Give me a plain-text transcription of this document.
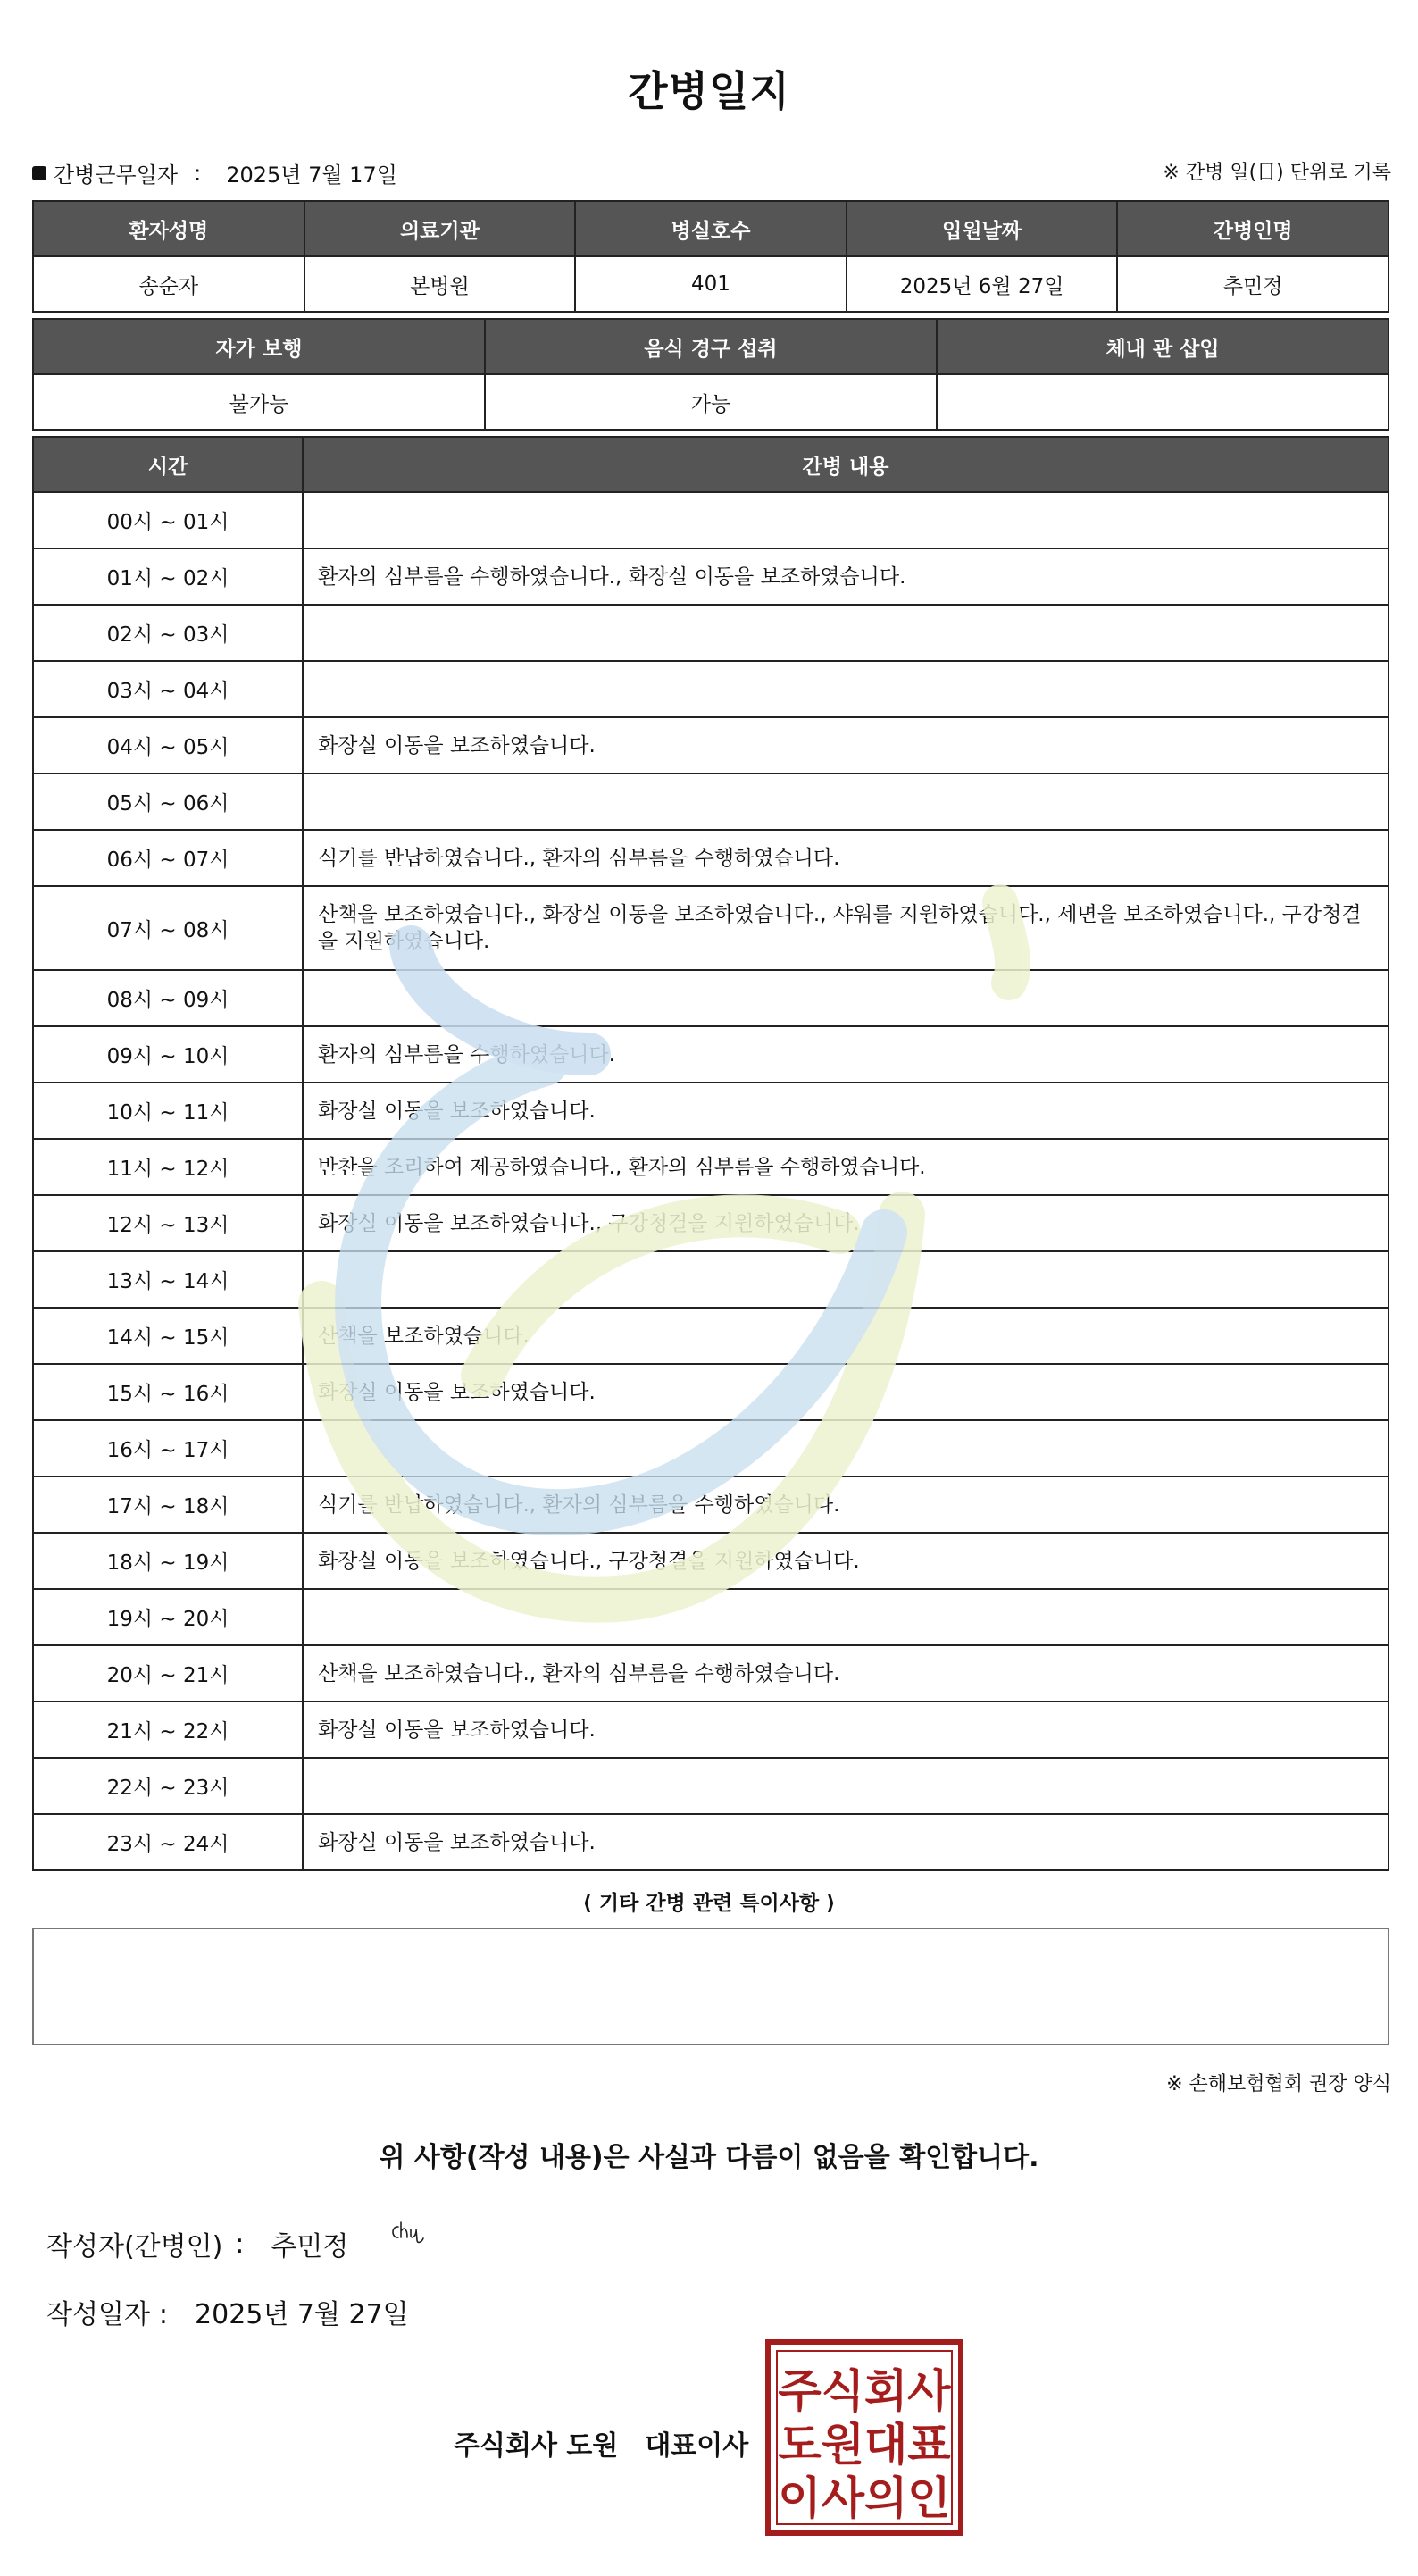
간병일지
간병근무일자 : 2025년 7월 17일	※ 간병 일(日) 단위로 기록
환자성명	의료기관	병실호수	입원날짜	간병인명
송순자	본병원	401	2025년 6월 27일	추민정
자가 보행	음식 경구 섭취	체내 관 삽입
불가능	가능	
시간	간병 내용
00시 ~ 01시	
01시 ~ 02시	환자의 심부름을 수행하였습니다., 화장실 이동을 보조하였습니다.
02시 ~ 03시	
03시 ~ 04시	
04시 ~ 05시	화장실 이동을 보조하였습니다.
05시 ~ 06시	
06시 ~ 07시	식기를 반납하였습니다., 환자의 심부름을 수행하였습니다.
07시 ~ 08시	산책을 보조하였습니다., 화장실 이동을 보조하였습니다., 샤워를 지원하였습니다., 세면을 보조하였습니다., 구강청결을 지원하였습니다.
08시 ~ 09시	
09시 ~ 10시	환자의 심부름을 수행하였습니다.
10시 ~ 11시	화장실 이동을 보조하였습니다.
11시 ~ 12시	반찬을 조리하여 제공하였습니다., 환자의 심부름을 수행하였습니다.
12시 ~ 13시	화장실 이동을 보조하였습니다., 구강청결을 지원하였습니다.
13시 ~ 14시	
14시 ~ 15시	산책을 보조하였습니다.
15시 ~ 16시	화장실 이동을 보조하였습니다.
16시 ~ 17시	
17시 ~ 18시	식기를 반납하였습니다., 환자의 심부름을 수행하였습니다.
18시 ~ 19시	화장실 이동을 보조하였습니다., 구강청결을 지원하였습니다.
19시 ~ 20시	
20시 ~ 21시	산책을 보조하였습니다., 환자의 심부름을 수행하였습니다.
21시 ~ 22시	화장실 이동을 보조하였습니다.
22시 ~ 23시	
23시 ~ 24시	화장실 이동을 보조하였습니다.
⟨ 기타 간병 관련 특이사항 ⟩
※ 손해보험협회 권장 양식
위 사항(작성 내용)은 사실과 다름이 없음을 확인합니다.
작성자(간병인) : 추민정
작성일자 : 2025년 7월 27일
주식회사 도원 대표이사
주식회사
도원대표
이사의인
